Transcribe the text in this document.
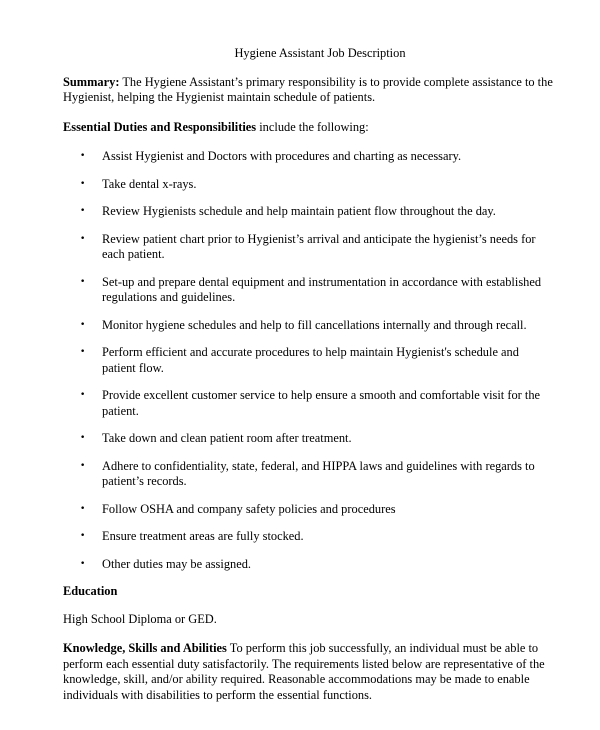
Hygiene Assistant Job Description

Summary: The Hygiene Assistant’s primary responsibility is to provide complete assistance to the Hygienist, helping the Hygienist maintain schedule of patients.

Essential Duties and Responsibilities include the following:

• Assist Hygienist and Doctors with procedures and charting as necessary.
• Take dental x-rays.
• Review Hygienists schedule and help maintain patient flow throughout the day.
• Review patient chart prior to Hygienist’s arrival and anticipate the hygienist’s needs for each patient.
• Set-up and prepare dental equipment and instrumentation in accordance with established regulations and guidelines.
• Monitor hygiene schedules and help to fill cancellations internally and through recall.
• Perform efficient and accurate procedures to help maintain Hygienist's schedule and patient flow.
• Provide excellent customer service to help ensure a smooth and comfortable visit for the patient.
• Take down and clean patient room after treatment.
• Adhere to confidentiality, state, federal, and HIPPA laws and guidelines with regards to patient’s records.
• Follow OSHA and company safety policies and procedures
• Ensure treatment areas are fully stocked.
• Other duties may be assigned.
Education

High School Diploma or GED.

Knowledge, Skills and Abilities To perform this job successfully, an individual must be able to perform each essential duty satisfactorily. The requirements listed below are representative of the knowledge, skill, and/or ability required. Reasonable accommodations may be made to enable individuals with disabilities to perform the essential functions.
